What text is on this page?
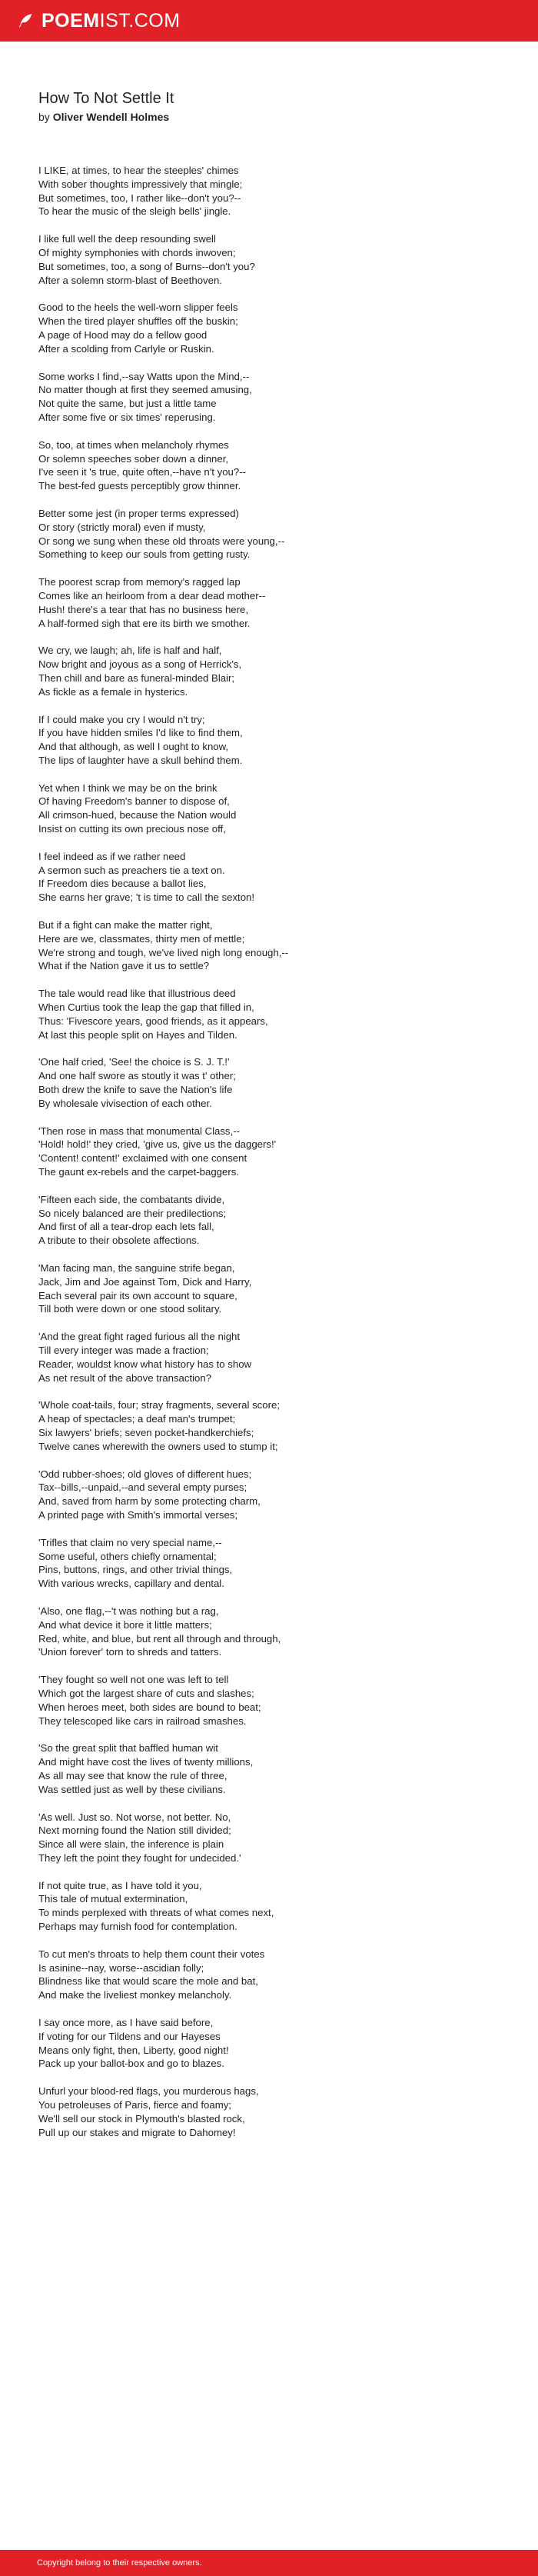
POEMIST.COM
How To Not Settle It
by Oliver Wendell Holmes

I LIKE, at times, to hear the steeples' chimes
With sober thoughts impressively that mingle;
But sometimes, too, I rather like--don't you?--
To hear the music of the sleigh bells' jingle.

I like full well the deep resounding swell
Of mighty symphonies with chords inwoven;
But sometimes, too, a song of Burns--don't you?
After a solemn storm-blast of Beethoven.

Good to the heels the well-worn slipper feels
When the tired player shuffles off the buskin;
A page of Hood may do a fellow good
After a scolding from Carlyle or Ruskin.

Some works I find,--say Watts upon the Mind,--
No matter though at first they seemed amusing,
Not quite the same, but just a little tame
After some five or six times' reperusing.

So, too, at times when melancholy rhymes
Or solemn speeches sober down a dinner,
I've seen it 's true, quite often,--have n't you?--
The best-fed guests perceptibly grow thinner.

Better some jest (in proper terms expressed)
Or story (strictly moral) even if musty,
Or song we sung when these old throats were young,--
Something to keep our souls from getting rusty.

The poorest scrap from memory's ragged lap
Comes like an heirloom from a dear dead mother--
Hush! there's a tear that has no business here,
A half-formed sigh that ere its birth we smother.

We cry, we laugh; ah, life is half and half,
Now bright and joyous as a song of Herrick's,
Then chill and bare as funeral-minded Blair;
As fickle as a female in hysterics.

If I could make you cry I would n't try;
If you have hidden smiles I'd like to find them,
And that although, as well I ought to know,
The lips of laughter have a skull behind them.

Yet when I think we may be on the brink
Of having Freedom's banner to dispose of,
All crimson-hued, because the Nation would
Insist on cutting its own precious nose off,

I feel indeed as if we rather need
A sermon such as preachers tie a text on.
If Freedom dies because a ballot lies,
She earns her grave; 't is time to call the sexton!

But if a fight can make the matter right,
Here are we, classmates, thirty men of mettle;
We're strong and tough, we've lived nigh long enough,--
What if the Nation gave it us to settle?

The tale would read like that illustrious deed
When Curtius took the leap the gap that filled in,
Thus: 'Fivescore years, good friends, as it appears,
At last this people split on Hayes and Tilden.

'One half cried, 'See! the choice is S. J. T.!'
And one half swore as stoutly it was t' other;
Both drew the knife to save the Nation's life
By wholesale vivisection of each other.

'Then rose in mass that monumental Class,--
'Hold! hold!' they cried, 'give us, give us the daggers!'
'Content! content!' exclaimed with one consent
The gaunt ex-rebels and the carpet-baggers.

'Fifteen each side, the combatants divide,
So nicely balanced are their predilections;
And first of all a tear-drop each lets fall,
A tribute to their obsolete affections.

'Man facing man, the sanguine strife began,
Jack, Jim and Joe against Tom, Dick and Harry,
Each several pair its own account to square,
Till both were down or one stood solitary.

'And the great fight raged furious all the night
Till every integer was made a fraction;
Reader, wouldst know what history has to show
As net result of the above transaction?

'Whole coat-tails, four; stray fragments, several score;
A heap of spectacles; a deaf man's trumpet;
Six lawyers' briefs; seven pocket-handkerchiefs;
Twelve canes wherewith the owners used to stump it;

'Odd rubber-shoes; old gloves of different hues;
Tax--bills,--unpaid,--and several empty purses;
And, saved from harm by some protecting charm,
A printed page with Smith's immortal verses;

'Trifles that claim no very special name,--
Some useful, others chiefly ornamental;
Pins, buttons, rings, and other trivial things,
With various wrecks, capillary and dental.

'Also, one flag,--'t was nothing but a rag,
And what device it bore it little matters;
Red, white, and blue, but rent all through and through,
'Union forever' torn to shreds and tatters.

'They fought so well not one was left to tell
Which got the largest share of cuts and slashes;
When heroes meet, both sides are bound to beat;
They telescoped like cars in railroad smashes.

'So the great split that baffled human wit
And might have cost the lives of twenty millions,
As all may see that know the rule of three,
Was settled just as well by these civilians.

'As well. Just so. Not worse, not better. No,
Next morning found the Nation still divided;
Since all were slain, the inference is plain
They left the point they fought for undecided.'

If not quite true, as I have told it you,
This tale of mutual extermination,
To minds perplexed with threats of what comes next,
Perhaps may furnish food for contemplation.

To cut men's throats to help them count their votes
Is asinine--nay, worse--ascidian folly;
Blindness like that would scare the mole and bat,
And make the liveliest monkey melancholy.

I say once more, as I have said before,
If voting for our Tildens and our Hayeses
Means only fight, then, Liberty, good night!
Pack up your ballot-box and go to blazes.

Unfurl your blood-red flags, you murderous hags,
You petroleuses of Paris, fierce and foamy;
We'll sell our stock in Plymouth's blasted rock,
Pull up our stakes and migrate to Dahomey!

Copyright belong to their respective owners.
